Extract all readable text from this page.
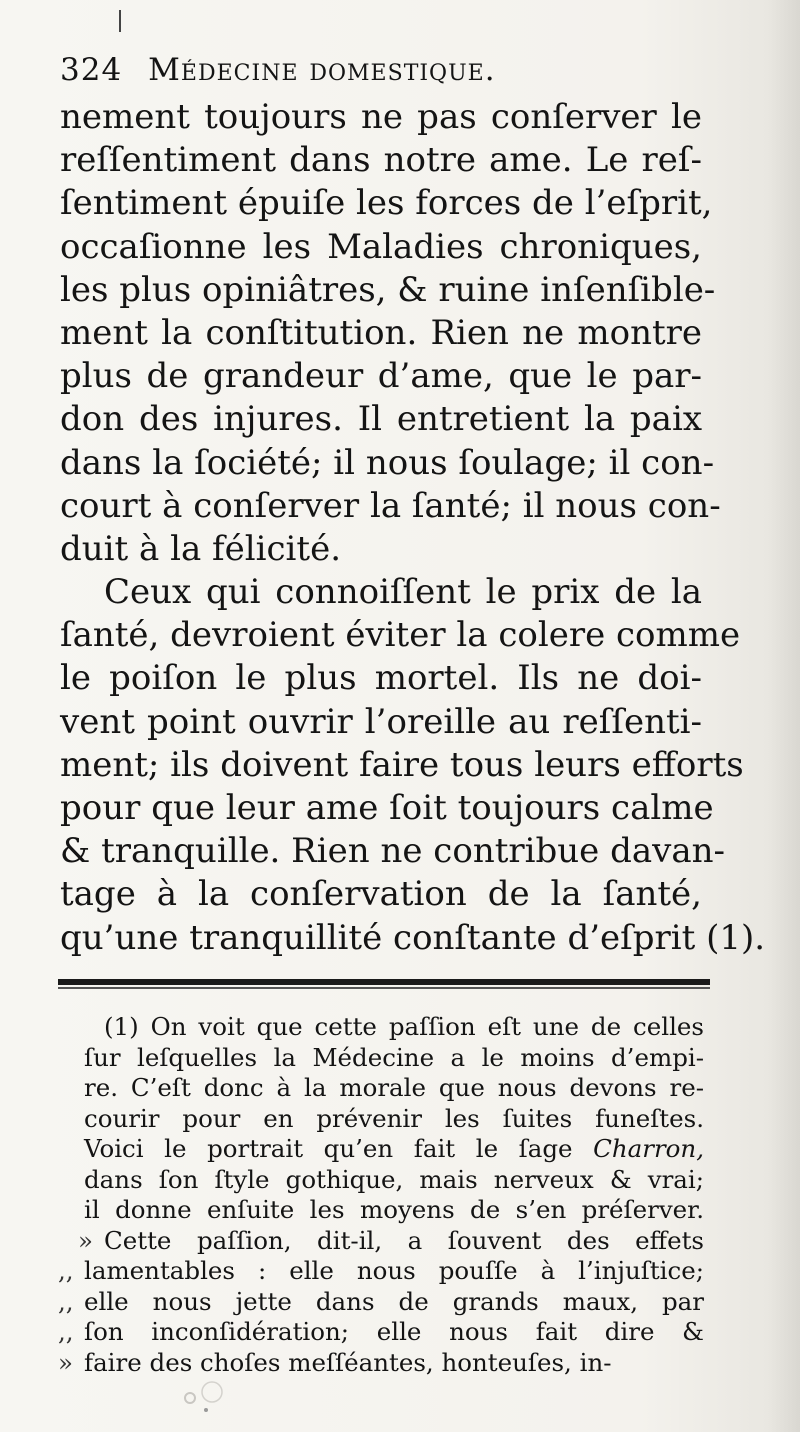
324 Médecine domestique.
nement toujours ne pas conſerver le
reſſentiment dans notre ame. Le reſ-
ſentiment épuiſe les forces de l’eſprit,
occaſionne les Maladies chroniques,
les plus opiniâtres, & ruine inſenſible-
ment la conſtitution. Rien ne montre
plus de grandeur d’ame, que le par-
don des injures. Il entretient la paix
dans la ſociété; il nous ſoulage; il con-
court à conſerver la ſanté; il nous con-
duit à la félicité.
Ceux qui connoiſſent le prix de la
ſanté, devroient éviter la colere comme
le poiſon le plus mortel. Ils ne doi-
vent point ouvrir l’oreille au reſſenti-
ment; ils doivent faire tous leurs efforts
pour que leur ame ſoit toujours calme
& tranquille. Rien ne contribue davan-
tage à la conſervation de la ſanté,
qu’une tranquillité conſtante d’eſprit (1).
(1) On voit que cette paſſion eſt une de celles
ſur leſquelles la Médecine a le moins d’empi-
re. C’eſt donc à la morale que nous devons re-
courir pour en prévenir les ſuites funeſtes.
Voici le portrait qu’en fait le ſage Charron,
dans ſon ſtyle gothique, mais nerveux & vrai;
il donne enſuite les moyens de s’en préſerver.
» Cette paſſion, dit-il, a ſouvent des effets
,, lamentables : elle nous pouſſe à l’injuſtice;
,, elle nous jette dans de grands maux, par
,, ſon inconſidération; elle nous fait dire &
» faire des choſes meſſéantes, honteuſes, in-
